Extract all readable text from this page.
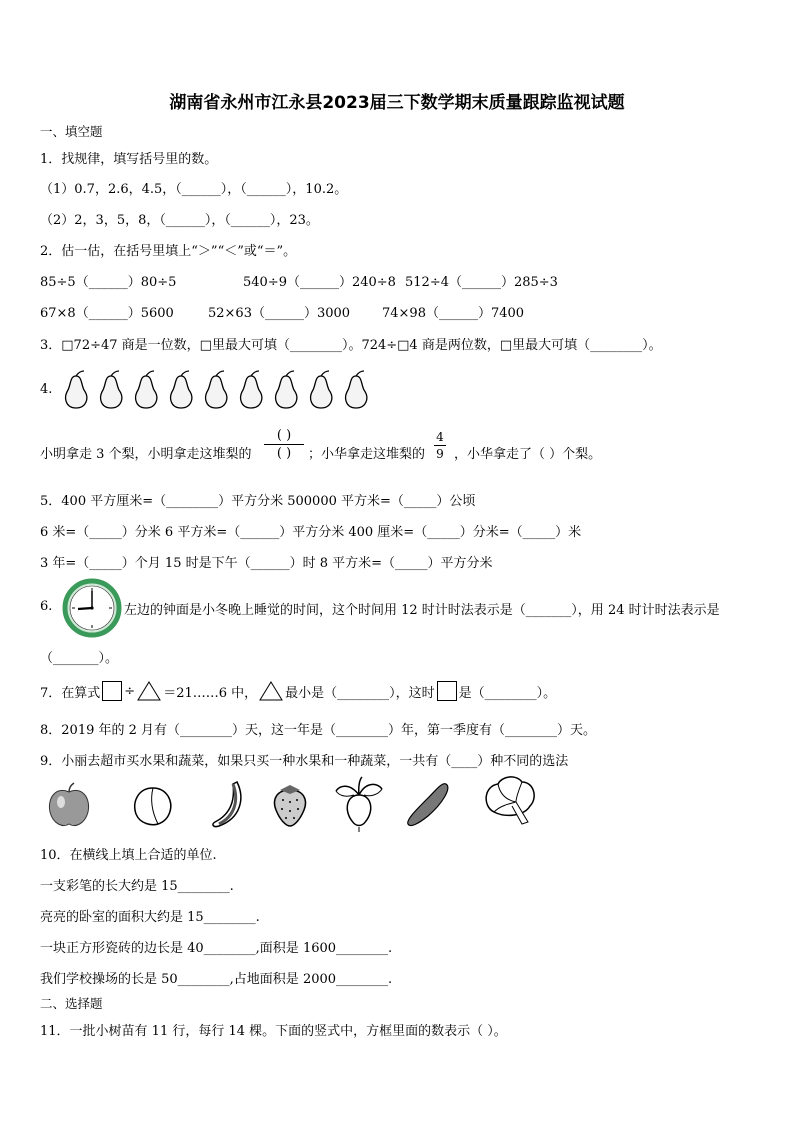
湖南省永州市江永县2023届三下数学期末质量跟踪监视试题
一、填空题
1．找规律，填写括号里的数。
（1）0.7，2.6，4.5，（______），（______），10.2。
（2）2，3，5，8，（______），（______），23。
2．估一估，在括号里填上“＞”“＜”或“＝”。
85÷5（______）80÷5	540÷9（______）240÷8 512÷4（______）285÷3
67×8（______）5600	52×63（______）3000 74×98（______）7400
3．□72÷47 商是一位数，□里最大可填（________）。724÷□4 商是两位数，□里最大可填（________）。
4.
小明拿走 3 个梨，小明拿走这堆梨的
( )
( ) ；小华拿走这堆梨的
4
9 ，小华拿走了（ ）个梨。
5．400 平方厘米=（________）平方分米 500000 平方米=（_____）公顷
6 米=（_____）分米 6 平方米=（______）平方分米 400 厘米=（_____）分米=（_____）米
3 年=（_____）个月 15 时是下午（______）时 8 平方米=（_____）平方分米
6.	左边的钟面是小冬晚上睡觉的时间，这个时间用 12 时计时法表示是（_______），用 24 时计时法表示是
（_______）。
7．在算式 ÷ ＝21……6 中， 最小是（________），这时 是（________）。
8．2019 年的 2 月有（________）天，这一年是（________）年，第一季度有（________）天。
9．小丽去超市买水果和蔬菜，如果只买一种水果和一种蔬菜，一共有（____）种不同的选法
10．在横线上填上合适的单位.
一支彩笔的长大约是 15________.
亮亮的卧室的面积大约是 15________.
一块正方形瓷砖的边长是 40________,面积是 1600________.
我们学校操场的长是 50________,占地面积是 2000________.
二、选择题
11．一批小树苗有 11 行，每行 14 棵。下面的竖式中，方框里面的数表示（ ）。
